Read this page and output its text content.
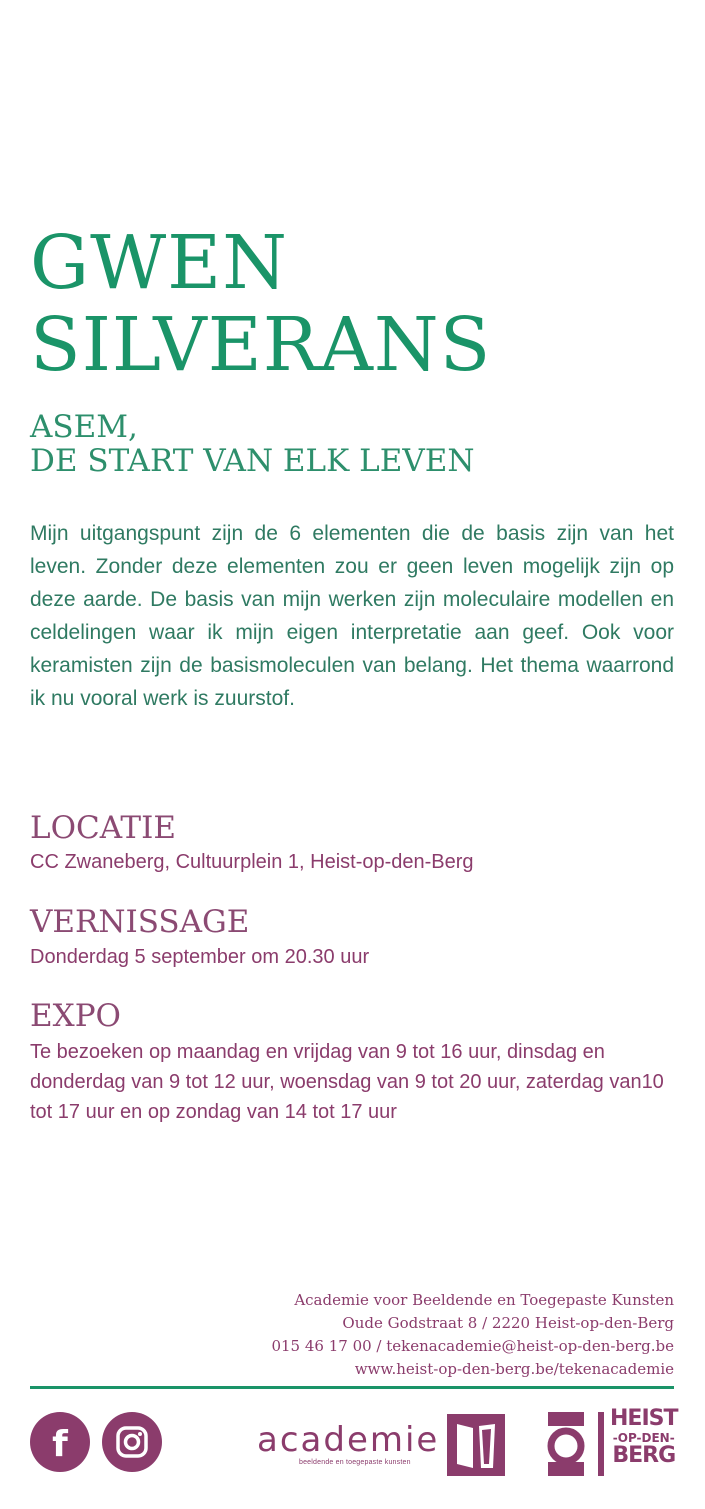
GWEN
SILVERANS
ASEM,
DE START VAN ELK LEVEN

Mijn uitgangspunt zijn de 6 elementen die de basis zijn van het leven. Zonder deze elementen zou er geen leven mogelijk zijn op deze aarde. De basis van mijn werken zijn moleculaire modellen en celdelingen waar ik mijn eigen interpretatie aan geef. Ook voor keramisten zijn de basismoleculen van belang. Het thema waarrond ik nu vooral werk is zuurstof.

LOCATIE

CC Zwaneberg, Cultuurplein 1, Heist-op-den-Berg

VERNISSAGE

Donderdag 5 september om 20.30 uur

EXPO

Te bezoeken op maandag en vrijdag van 9 tot 16 uur, dinsdag en donderdag van 9 tot 12 uur, woensdag van 9 tot 20 uur, zaterdag van10 tot 17 uur en op zondag van 14 tot 17 uur

Academie voor Beeldende en Toegepaste Kunsten
Oude Godstraat 8 / 2220 Heist-op-den-Berg
015 46 17 00 / tekenacademie@heist-op-den-berg.be
www.heist-op-den-berg.be/tekenacademie
f	academie
beeldende en toegepaste kunsten
HEIST
-OP-DEN-
BERG
